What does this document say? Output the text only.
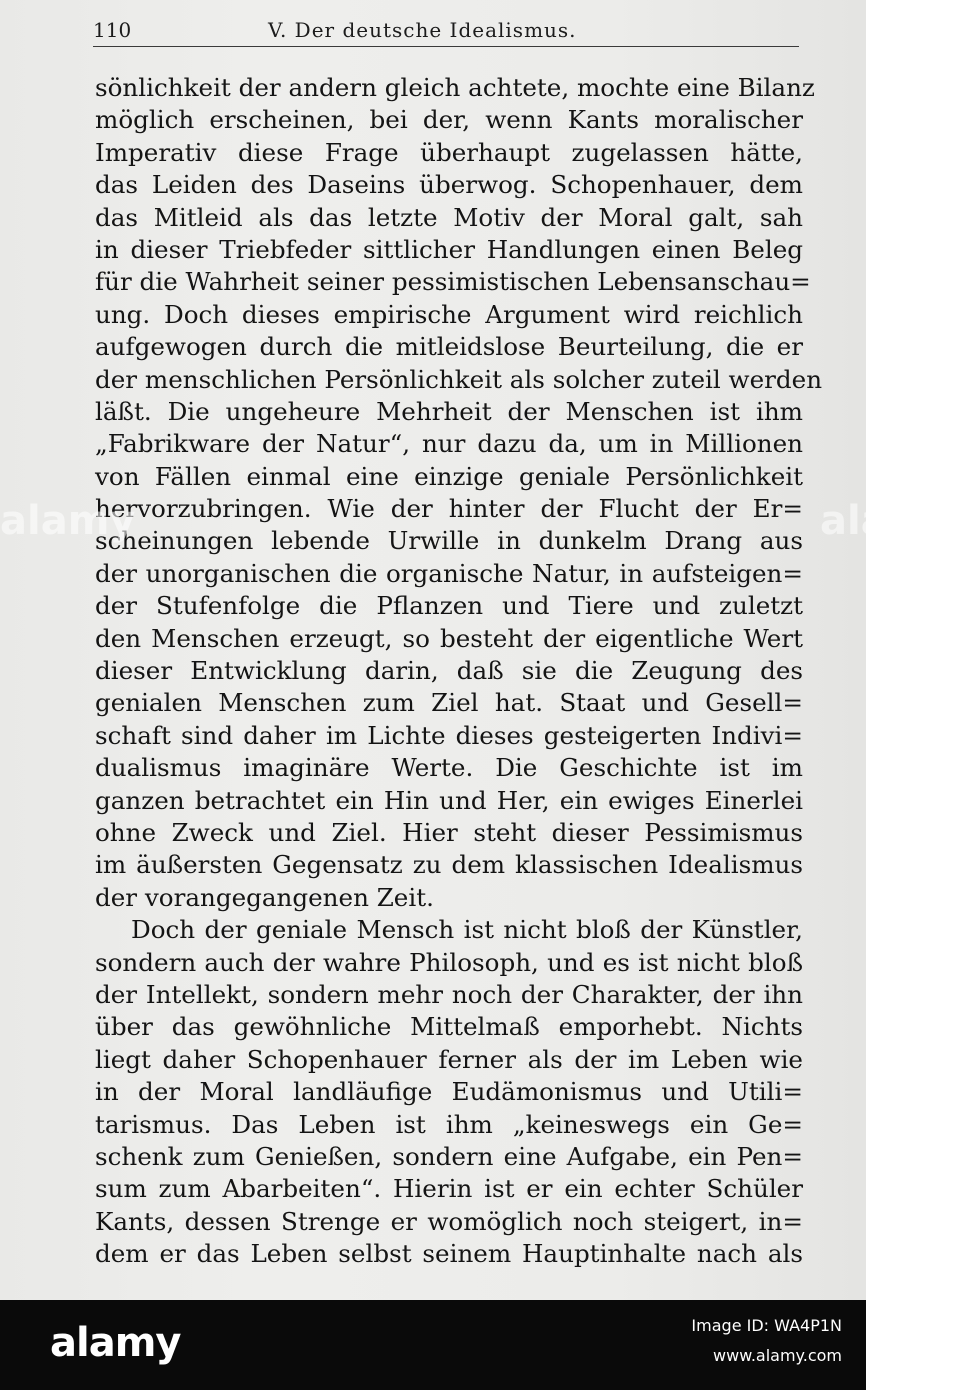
110	V. Der deutsche Idealismus.
sönlichkeit der andern gleich achtete, mochte eine Bilanz
möglich erscheinen, bei der, wenn Kants moralischer
Imperativ diese Frage überhaupt zugelassen hätte,
das Leiden des Daseins überwog. Schopenhauer, dem
das Mitleid als das letzte Motiv der Moral galt, sah
in dieser Triebfeder sittlicher Handlungen einen Beleg
für die Wahrheit seiner pessimistischen Lebensanschau=
ung. Doch dieses empirische Argument wird reichlich
aufgewogen durch die mitleidslose Beurteilung, die er
der menschlichen Persönlichkeit als solcher zuteil werden
läßt. Die ungeheure Mehrheit der Menschen ist ihm
„Fabrikware der Natur“, nur dazu da, um in Millionen
von Fällen einmal eine einzige geniale Persönlichkeit
hervorzubringen. Wie der hinter der Flucht der Er=
scheinungen lebende Urwille in dunkelm Drang aus
der unorganischen die organische Natur, in aufsteigen=
der Stufenfolge die Pflanzen und Tiere und zuletzt
den Menschen erzeugt, so besteht der eigentliche Wert
dieser Entwicklung darin, daß sie die Zeugung des
genialen Menschen zum Ziel hat. Staat und Gesell=
schaft sind daher im Lichte dieses gesteigerten Indivi=
dualismus imaginäre Werte. Die Geschichte ist im
ganzen betrachtet ein Hin und Her, ein ewiges Einerlei
ohne Zweck und Ziel. Hier steht dieser Pessimismus
im äußersten Gegensatz zu dem klassischen Idealismus
der vorangegangenen Zeit.
Doch der geniale Mensch ist nicht bloß der Künstler,
sondern auch der wahre Philosoph, und es ist nicht bloß
der Intellekt, sondern mehr noch der Charakter, der ihn
über das gewöhnliche Mittelmaß emporhebt. Nichts
liegt daher Schopenhauer ferner als der im Leben wie
in der Moral landläufige Eudämonismus und Utili=
tarismus. Das Leben ist ihm „keineswegs ein Ge=
schenk zum Genießen, sondern eine Aufgabe, ein Pen=
sum zum Abarbeiten“. Hierin ist er ein echter Schüler
Kants, dessen Strenge er womöglich noch steigert, in=
dem er das Leben selbst seinem Hauptinhalte nach als
alamy	alamy
alamy	Image ID: WA4P1N
www.alamy.com
